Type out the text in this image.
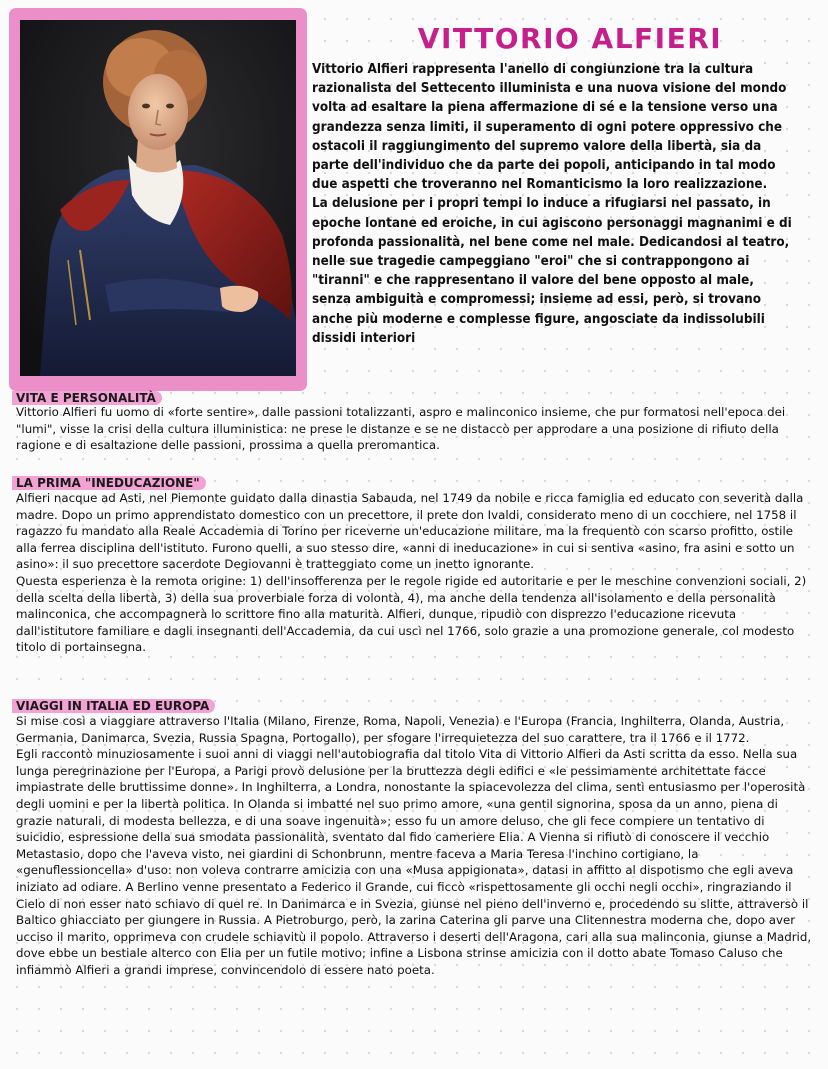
VITTORIO ALFIERI

Vittorio Alfieri rappresenta l'anello di congiunzione tra la cultura razionalista del Settecento illuminista e una nuova visione del mondo volta ad esaltare la piena affermazione di sé e la tensione verso una grandezza senza limiti, il superamento di ogni potere oppressivo che ostacoli il raggiungimento del supremo valore della libertà, sia da parte dell'individuo che da parte dei popoli, anticipando in tal modo due aspetti che troveranno nel Romanticismo la loro realizzazione.

La delusione per i propri tempi lo induce a rifugiarsi nel passato, in epoche lontane ed eroiche, in cui agiscono personaggi magnanimi e di profonda passionalità, nel bene come nel male. Dedicandosi al teatro, nelle sue tragedie campeggiano "eroi" che si contrappongono ai "tiranni" e che rappresentano il valore del bene opposto al male, senza ambiguità e compromessi; insieme ad essi, però, si trovano anche più moderne e complesse figure, angosciate da indissolubili dissidi interiori

VITA E PERSONALITÀ

Vittorio Alfieri fu uomo di «forte sentire», dalle passioni totalizzanti, aspro e malinconico insieme, che pur formatosi nell'epoca dei "lumi", visse la crisi della cultura illuministica: ne prese le distanze e se ne distaccò per approdare a una posizione di rifiuto della ragione e di esaltazione delle passioni, prossima a quella preromantica.

LA PRIMA "INEDUCAZIONE"

Alfieri nacque ad Asti, nel Piemonte guidato dalla dinastia Sabauda, nel 1749 da nobile e ricca famiglia ed educato con severità dalla madre. Dopo un primo apprendistato domestico con un precettore, il prete don Ivaldi, considerato meno di un cocchiere, nel 1758 il ragazzo fu mandato alla Reale Accademia di Torino per riceverne un'educazione militare, ma la frequentò con scarso profitto, ostile alla ferrea disciplina dell'istituto. Furono quelli, a suo stesso dire, «anni di ineducazione» in cui si sentiva «asino, fra asini e sotto un asino»: il suo precettore sacerdote Degiovanni è tratteggiato come un inetto ignorante.

Questa esperienza è la remota origine: 1) dell'insofferenza per le regole rigide ed autoritarie e per le meschine convenzioni sociali, 2) della scelta della libertà, 3) della sua proverbiale forza di volontà, 4), ma anche della tendenza all'isolamento e della personalità malinconica, che accompagnerà lo scrittore fino alla maturità. Alfieri, dunque, ripudiò con disprezzo l'educazione ricevuta dall'istitutore familiare e dagli insegnanti dell'Accademia, da cui uscì nel 1766, solo grazie a una promozione generale, col modesto titolo di portainsegna.

VIAGGI IN ITALIA ED EUROPA

Si mise così a viaggiare attraverso l'Italia (Milano, Firenze, Roma, Napoli, Venezia) e l'Europa (Francia, Inghilterra, Olanda, Austria, Germania, Danimarca, Svezia, Russia Spagna, Portogallo), per sfogare l'irrequietezza del suo carattere, tra il 1766 e il 1772.

Egli raccontò minuziosamente i suoi anni di viaggi nell'autobiografia dal titolo Vita di Vittorio Alfieri da Asti scritta da esso. Nella sua lunga peregrinazione per l'Europa, a Parigi provò delusione per la bruttezza degli edifici e «le pessimamente architettate facce impiastrate delle bruttissime donne». In Inghilterra, a Londra, nonostante la spiacevolezza del clima, sentì entusiasmo per l'operosità degli uomini e per la libertà politica. In Olanda si imbatté nel suo primo amore, «una gentil signorina, sposa da un anno, piena di grazie naturali, di modesta bellezza, e di una soave ingenuità»; esso fu un amore deluso, che gli fece compiere un tentativo di suicidio, espressione della sua smodata passionalità, sventato dal fido cameriere Elia. A Vienna si rifiutò di conoscere il vecchio Metastasio, dopo che l'aveva visto, nei giardini di Schonbrunn, mentre faceva a Maria Teresa l'inchino cortigiano, la «genuflessioncella» d'uso: non voleva contrarre amicizia con una «Musa appigionata», datasi in affitto al dispotismo che egli aveva iniziato ad odiare. A Berlino venne presentato a Federico il Grande, cui ficcò «rispettosamente gli occhi negli occhi», ringraziando il Cielo di non esser nato schiavo di quel re. In Danimarca e in Svezia, giunse nel pieno dell'inverno e, procedendo su slitte, attraversò il Baltico ghiacciato per giungere in Russia. A Pietroburgo, però, la zarina Caterina gli parve una Clitennestra moderna che, dopo aver ucciso il marito, opprimeva con crudele schiavitù il popolo. Attraverso i deserti dell'Aragona, cari alla sua malinconia, giunse a Madrid, dove ebbe un bestiale alterco con Elia per un futile motivo; infine a Lisbona strinse amicizia con il dotto abate Tomaso Caluso che infiammò Alfieri a grandi imprese, convincendolo di essere nato poeta.
